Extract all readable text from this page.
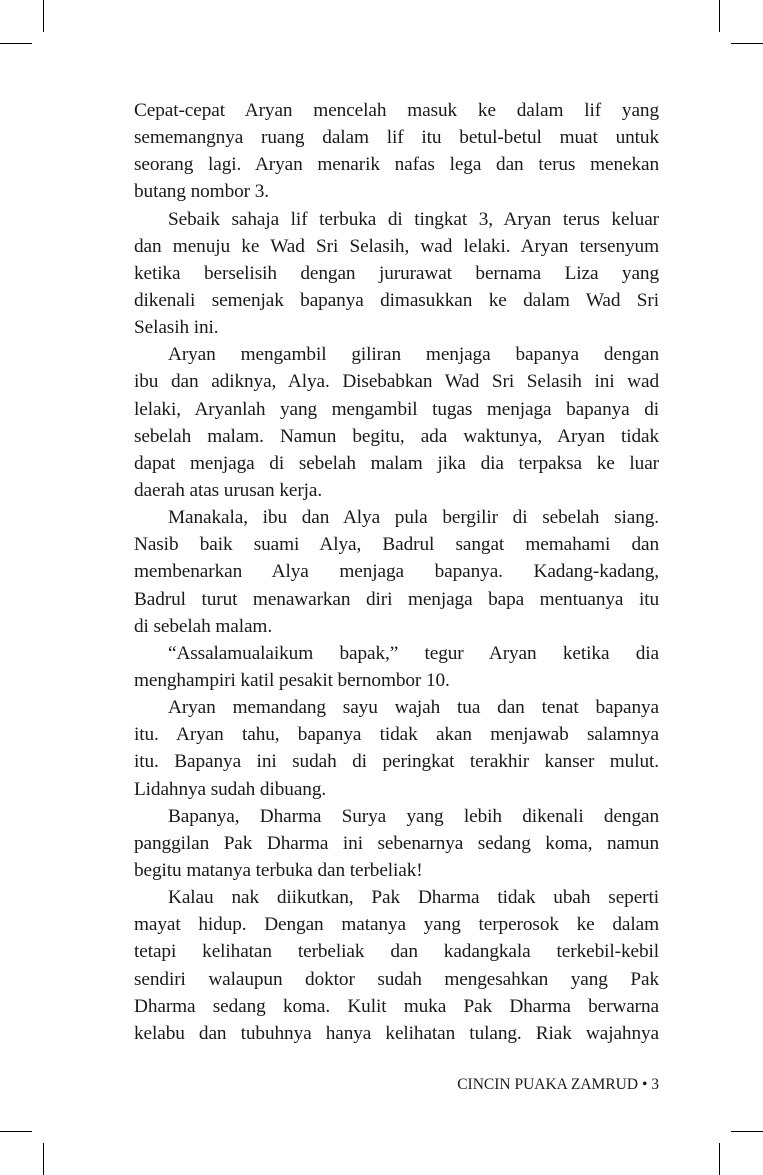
Cepat-cepat Aryan mencelah masuk ke dalam lif yang
sememangnya ruang dalam lif itu betul-betul muat untuk
seorang lagi. Aryan menarik nafas lega dan terus menekan
butang nombor 3.
Sebaik sahaja lif terbuka di tingkat 3, Aryan terus keluar
dan menuju ke Wad Sri Selasih, wad lelaki. Aryan tersenyum
ketika berselisih dengan jururawat bernama Liza yang
dikenali semenjak bapanya dimasukkan ke dalam Wad Sri
Selasih ini.
Aryan mengambil giliran menjaga bapanya dengan
ibu dan adiknya, Alya. Disebabkan Wad Sri Selasih ini wad
lelaki, Aryanlah yang mengambil tugas menjaga bapanya di
sebelah malam. Namun begitu, ada waktunya, Aryan tidak
dapat menjaga di sebelah malam jika dia terpaksa ke luar
daerah atas urusan kerja.
Manakala, ibu dan Alya pula bergilir di sebelah siang.
Nasib baik suami Alya, Badrul sangat memahami dan
membenarkan Alya menjaga bapanya. Kadang-kadang,
Badrul turut menawarkan diri menjaga bapa mentuanya itu
di sebelah malam.
“Assalamualaikum bapak,” tegur Aryan ketika dia
menghampiri katil pesakit bernombor 10.
Aryan memandang sayu wajah tua dan tenat bapanya
itu. Aryan tahu, bapanya tidak akan menjawab salamnya
itu. Bapanya ini sudah di peringkat terakhir kanser mulut.
Lidahnya sudah dibuang.
Bapanya, Dharma Surya yang lebih dikenali dengan
panggilan Pak Dharma ini sebenarnya sedang koma, namun
begitu matanya terbuka dan terbeliak!
Kalau nak diikutkan, Pak Dharma tidak ubah seperti
mayat hidup. Dengan matanya yang terperosok ke dalam
tetapi kelihatan terbeliak dan kadangkala terkebil-kebil
sendiri walaupun doktor sudah mengesahkan yang Pak
Dharma sedang koma. Kulit muka Pak Dharma berwarna
kelabu dan tubuhnya hanya kelihatan tulang. Riak wajahnya
CINCIN PUAKA ZAMRUD • 3
